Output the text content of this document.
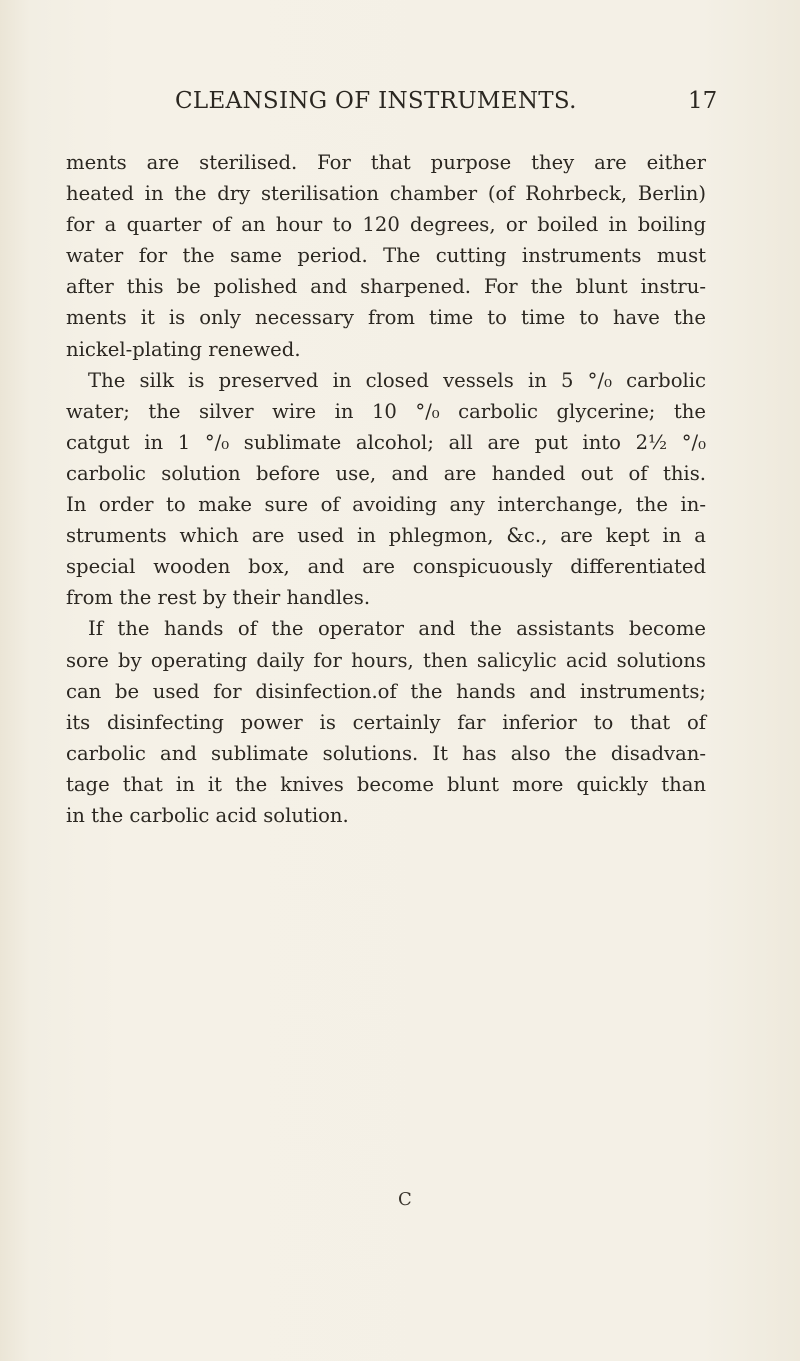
CLEANSING OF INSTRUMENTS.	17
ments are sterilised. For that purpose they are either
heated in the dry sterilisation chamber (of Rohrbeck, Berlin)
for a quarter of an hour to 120 degrees, or boiled in boiling
water for the same period. The cutting instruments must
after this be polished and sharpened. For the blunt instru-
ments it is only necessary from time to time to have the
nickel-plating renewed.
The silk is preserved in closed vessels in 5 °/₀ carbolic
water; the silver wire in 10 °/₀ carbolic glycerine; the
catgut in 1 °/₀ sublimate alcohol; all are put into 2½ °/₀
carbolic solution before use, and are handed out of this.
In order to make sure of avoiding any interchange, the in-
struments which are used in phlegmon, &c., are kept in a
special wooden box, and are conspicuously differentiated
from the rest by their handles.
If the hands of the operator and the assistants become
sore by operating daily for hours, then salicylic acid solutions
can be used for disinfection.of the hands and instruments;
its disinfecting power is certainly far inferior to that of
carbolic and sublimate solutions. It has also the disadvan-
tage that in it the knives become blunt more quickly than
in the carbolic acid solution.
C
